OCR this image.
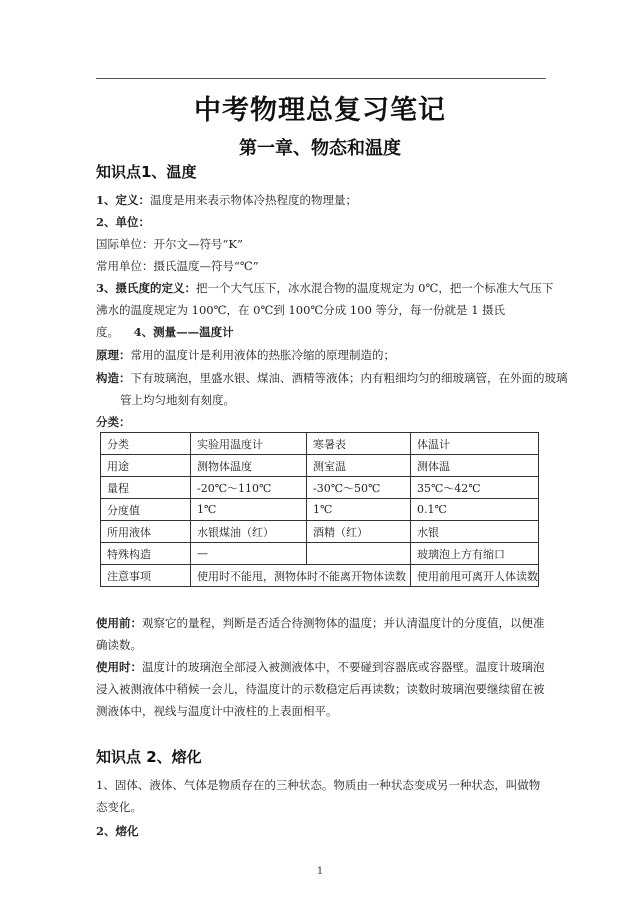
中考物理总复习笔记
第一章、物态和温度
知识点1、温度
1、定义：温度是用来表示物体冷热程度的物理量；
2、单位：
国际单位：开尔文—符号“K”
常用单位：摄氏温度—符号“℃”
3、摄氏度的定义：把一个大气压下，冰水混合物的温度规定为 0℃，把一个标准大气压下
沸水的温度规定为 100℃，在 0℃到 100℃分成 100 等分，每一份就是 1 摄氏
度。 4、测量——温度计
原理：常用的温度计是利用液体的热胀冷缩的原理制造的；
构造：下有玻璃泡，里盛水银、煤油、酒精等液体；内有粗细均匀的细玻璃管，在外面的玻璃
管上均匀地刻有刻度。
分类：
分类	实验用温度计	寒暑表	体温计
用途	测物体温度	测室温	测体温
量程	-20℃～110℃	-30℃～50℃	35℃～42℃
分度值	1℃	1℃	0.1℃
所用液体	水银煤油（红）	酒精（红）	水银
特殊构造	—		玻璃泡上方有缩口
注意事项	使用时不能甩，测物体时不能离开物体读数		使用前甩可离开人体读数
使用前：观察它的量程，判断是否适合待测物体的温度；并认清温度计的分度值，以便准确读数。
使用时：温度计的玻璃泡全部浸入被测液体中，不要碰到容器底或容器壁。温度计玻璃泡浸入被测液体中稍候一会儿，待温度计的示数稳定后再读数；读数时玻璃泡要继续留在被测液体中，视线与温度计中液柱的上表面相平。
知识点 2、熔化
1、固体、液体、气体是物质存在的三种状态。物质由一种状态变成另一种状态，叫做物态变化。
2、熔化
1
